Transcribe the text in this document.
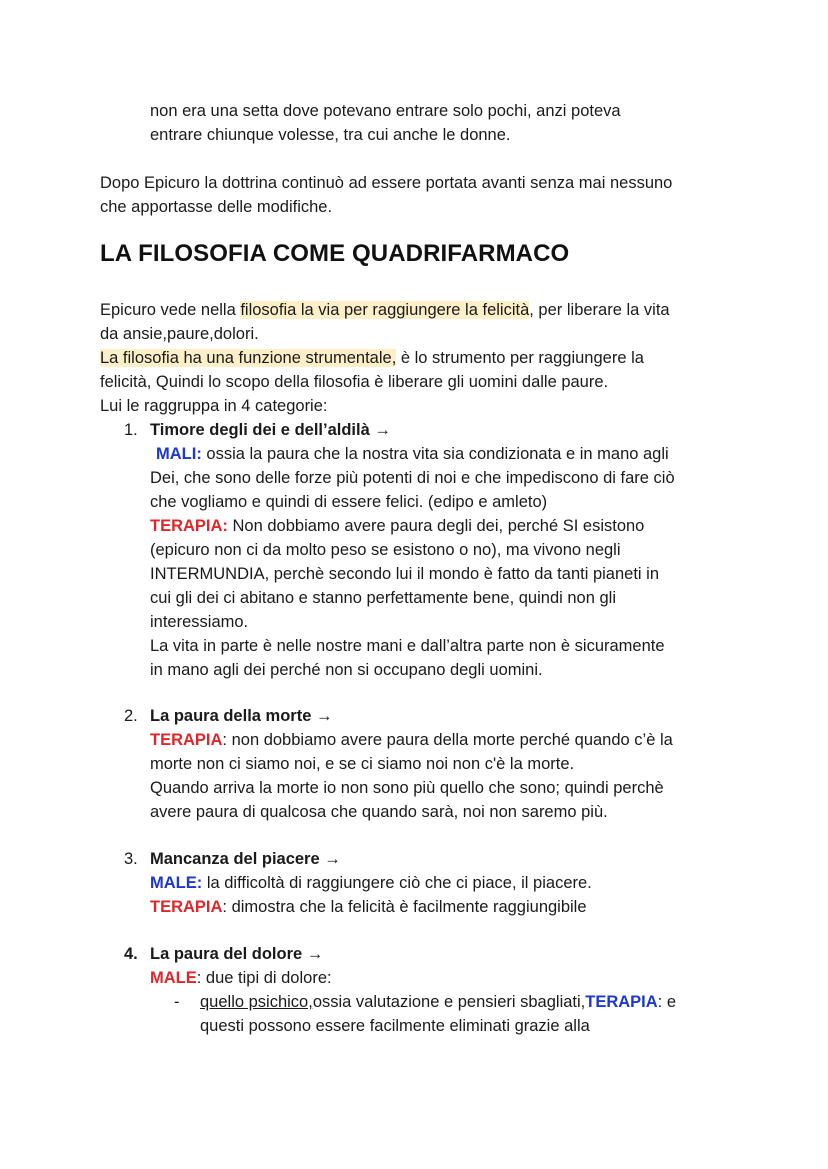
non era una setta dove potevano entrare solo pochi, anzi poteva
entrare chiunque volesse, tra cui anche le donne.
Dopo Epicuro la dottrina continuò ad essere portata avanti senza mai nessuno
che apportasse delle modifiche.
LA FILOSOFIA COME QUADRIFARMACO
Epicuro vede nella filosofia la via per raggiungere la felicità, per liberare la vita
da ansie,paure,dolori.
La filosofia ha una funzione strumentale, è lo strumento per raggiungere la
felicità, Quindi lo scopo della filosofia è liberare gli uomini dalle paure.
Lui le raggruppa in 4 categorie:
1. Timore degli dei e dell’aldilà →
MALI: ossia la paura che la nostra vita sia condizionata e in mano agli
Dei, che sono delle forze più potenti di noi e che impediscono di fare ciò
che vogliamo e quindi di essere felici. (edipo e amleto)
TERAPIA: Non dobbiamo avere paura degli dei, perché SI esistono
(epicuro non ci da molto peso se esistono o no), ma vivono negli
INTERMUNDIA, perchè secondo lui il mondo è fatto da tanti pianeti in
cui gli dei ci abitano e stanno perfettamente bene, quindi non gli
interessiamo.
La vita in parte è nelle nostre mani e dall’altra parte non è sicuramente
in mano agli dei perché non si occupano degli uomini.
2. La paura della morte →
TERAPIA: non dobbiamo avere paura della morte perché quando c’è la
morte non ci siamo noi, e se ci siamo noi non c'è la morte.
Quando arriva la morte io non sono più quello che sono; quindi perchè
avere paura di qualcosa che quando sarà, noi non saremo più.
3. Mancanza del piacere →
MALE: la difficoltà di raggiungere ciò che ci piace, il piacere.
TERAPIA: dimostra che la felicità è facilmente raggiungibile
4. La paura del dolore →
MALE: due tipi di dolore:
- quello psichico,ossia valutazione e pensieri sbagliati,TERAPIA: e
questi possono essere facilmente eliminati grazie alla
